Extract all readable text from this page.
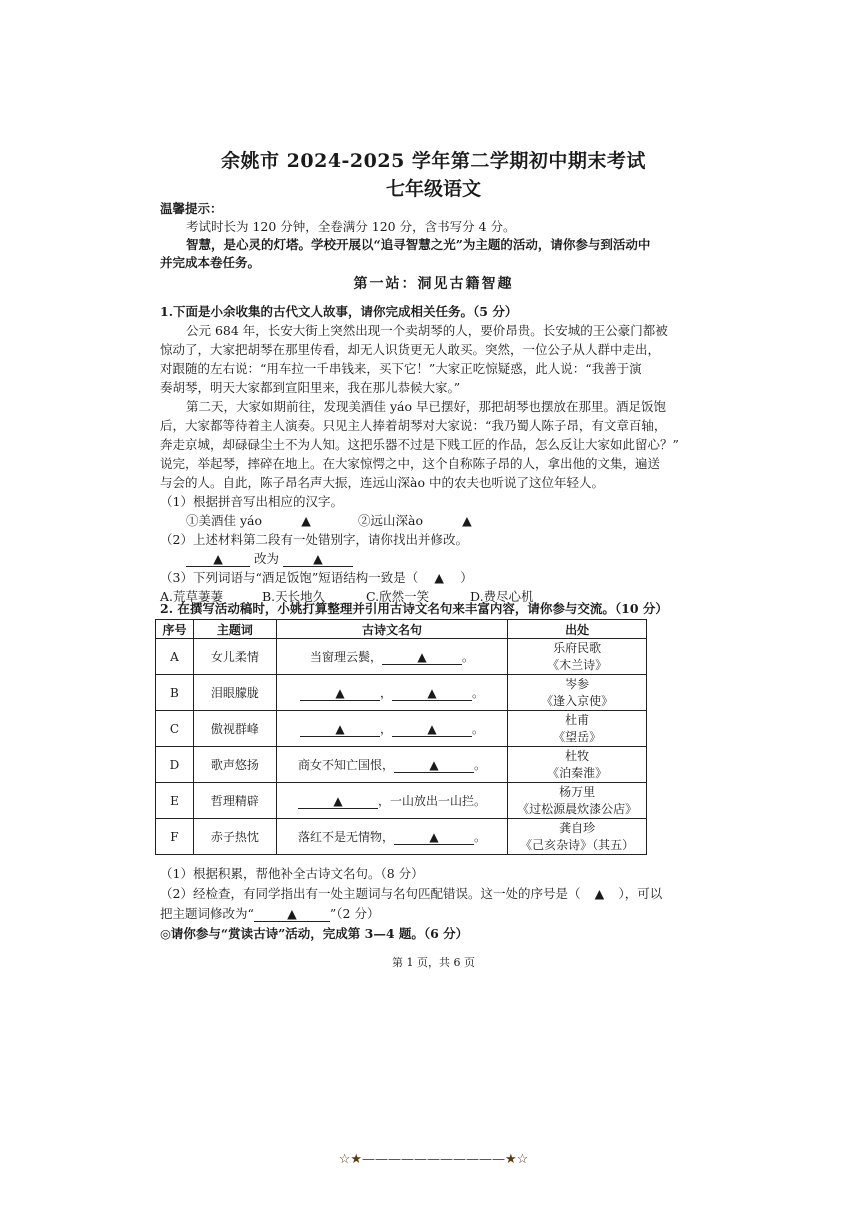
余姚市 2024-2025 学年第二学期初中期末考试
七年级语文
温馨提示：
考试时长为 120 分钟，全卷满分 120 分，含书写分 4 分。
智慧，是心灵的灯塔。学校开展以“追寻智慧之光”为主题的活动，请你参与到活动中
并完成本卷任务。
第一站：洞见古籍智趣
1.下面是小余收集的古代文人故事，请你完成相关任务。（5 分）
公元 684 年，长安大街上突然出现一个卖胡琴的人，要价昂贵。长安城的王公豪门都被
惊动了，大家把胡琴在那里传看，却无人识货更无人敢买。突然，一位公子从人群中走出，
对跟随的左右说：“用车拉一千串钱来，买下它！”大家正吃惊疑惑，此人说：“我善于演
奏胡琴，明天大家都到宣阳里来，我在那儿恭候大家。”
第二天，大家如期前往，发现美酒佳 yáo 早已摆好，那把胡琴也摆放在那里。酒足饭饱
后，大家都等待着主人演奏。只见主人捧着胡琴对大家说：“我乃蜀人陈子昂，有文章百轴，
奔走京城，却碌碌尘土不为人知。这把乐器不过是下贱工匠的作品，怎么反让大家如此留心？”
说完，举起琴，摔碎在地上。在大家惊愕之中，这个自称陈子昂的人，拿出他的文集，遍送
与会的人。自此，陈子昂名声大振，连远山深ào 中的农夫也听说了这位年轻人。
（1）根据拼音写出相应的汉字。
①美酒佳 yáo	▲	②远山深ào	▲
（2）上述材料第二段有一处错别字，请你找出并修改。
▲ 改为	▲
（3）下列词语与“酒足饭饱”短语结构一致是（ ▲ ）
A.荒草萋萋	B.天长地久	C.欣然一笑	D.费尽心机
2. 在撰写活动稿时，小姚打算整理并引用古诗文名句来丰富内容，请你参与交流。（10 分）
序号	主题词	古诗文名句	出处
A	女儿柔情	当窗理云鬓， ▲ 。	乐府民歌
《木兰诗》

B	泪眼朦胧	▲ ， ▲ 。	岑参
《逢入京使》

C	傲视群峰	▲ ， ▲ 。	杜甫
《望岳》

D	歌声悠扬	商女不知亡国恨， ▲ 。	杜牧
《泊秦淮》

E	哲理精辟	▲ ，一山放出一山拦。	杨万里
《过松源晨炊漆公店》

F	赤子热忱	落红不是无情物， ▲ 。	龚自珍
《己亥杂诗》（其五）
（1）根据积累，帮他补全古诗文名句。（8 分）
（2）经检查，有同学指出有一处主题词与名句匹配错误。这一处的序号是（ ▲ ），可以
把主题词修改为“	▲	”（2 分）
◎请你参与“赏读古诗”活动，完成第 3—4 题。（6 分）
第 1 页，共 6 页
☆★———————————★☆
